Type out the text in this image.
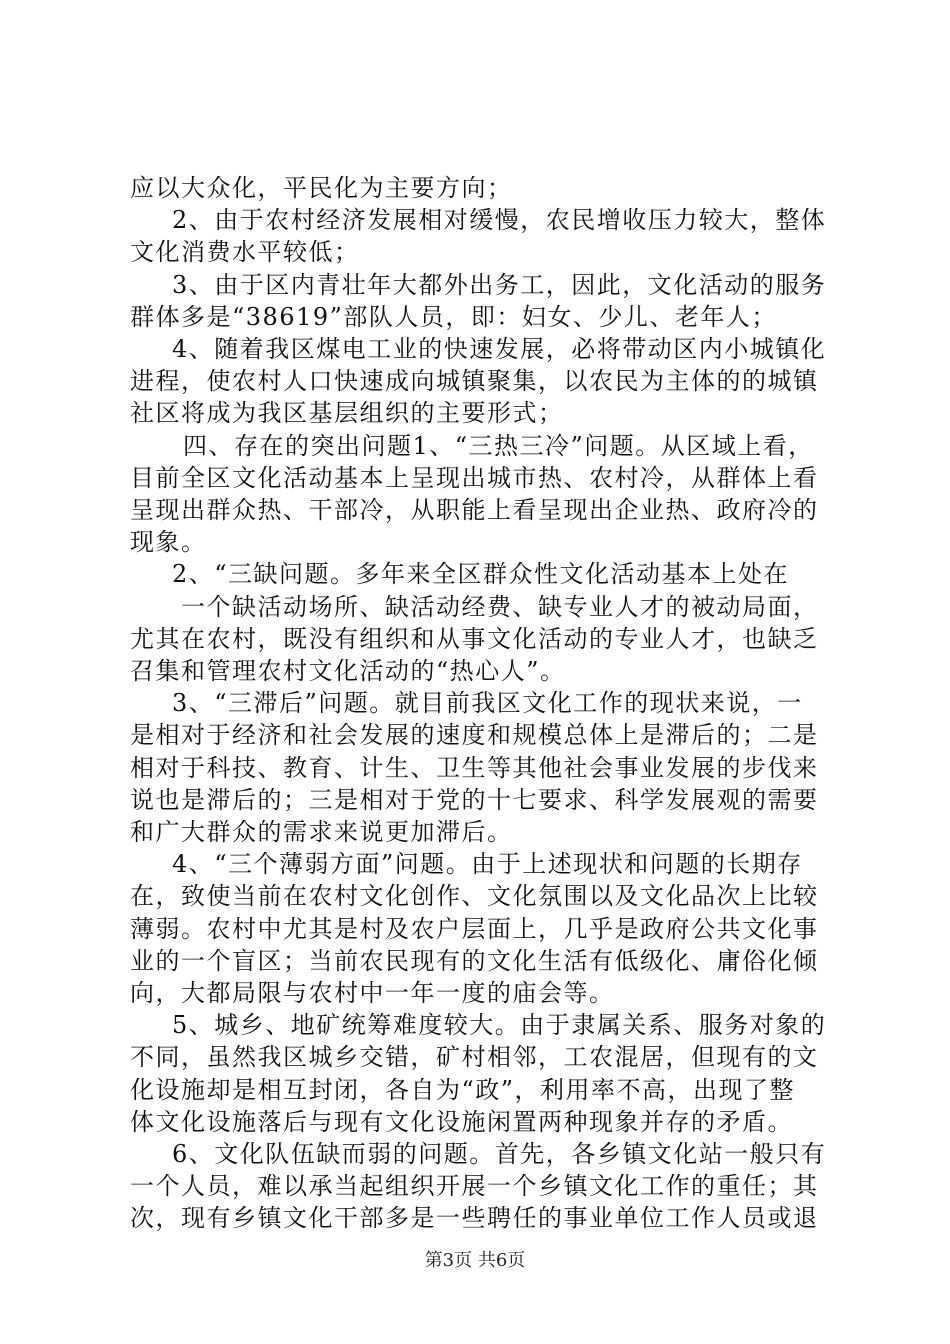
应以大众化，平民化为主要方向；
2、由于农村经济发展相对缓慢，农民增收压力较大，整体
文化消费水平较低；
3、由于区内青壮年大都外出务工，因此，文化活动的服务
群体多是“38619”部队人员，即：妇女、少儿、老年人；
4、随着我区煤电工业的快速发展，必将带动区内小城镇化
进程，使农村人口快速成向城镇聚集，以农民为主体的的城镇
社区将成为我区基层组织的主要形式；
四、存在的突出问题1、“三热三冷”问题。从区域上看，
目前全区文化活动基本上呈现出城市热、农村冷，从群体上看
呈现出群众热、干部冷，从职能上看呈现出企业热、政府冷的
现象。
2、“三缺问题。多年来全区群众性文化活动基本上处在
一个缺活动场所、缺活动经费、缺专业人才的被动局面，
尤其在农村，既没有组织和从事文化活动的专业人才，也缺乏
召集和管理农村文化活动的“热心人”。
3、“三滞后”问题。就目前我区文化工作的现状来说，一
是相对于经济和社会发展的速度和规模总体上是滞后的；二是
相对于科技、教育、计生、卫生等其他社会事业发展的步伐来
说也是滞后的；三是相对于党的十七要求、科学发展观的需要
和广大群众的需求来说更加滞后。
4、“三个薄弱方面”问题。由于上述现状和问题的长期存
在，致使当前在农村文化创作、文化氛围以及文化品次上比较
薄弱。农村中尤其是村及农户层面上，几乎是政府公共文化事
业的一个盲区；当前农民现有的文化生活有低级化、庸俗化倾
向，大都局限与农村中一年一度的庙会等。
5、城乡、地矿统筹难度较大。由于隶属关系、服务对象的
不同，虽然我区城乡交错，矿村相邻，工农混居，但现有的文
化设施却是相互封闭，各自为“政”，利用率不高，出现了整
体文化设施落后与现有文化设施闲置两种现象并存的矛盾。
6、文化队伍缺而弱的问题。首先，各乡镇文化站一般只有
一个人员，难以承当起组织开展一个乡镇文化工作的重任；其
次，现有乡镇文化干部多是一些聘任的事业单位工作人员或退
第3页 共6页
